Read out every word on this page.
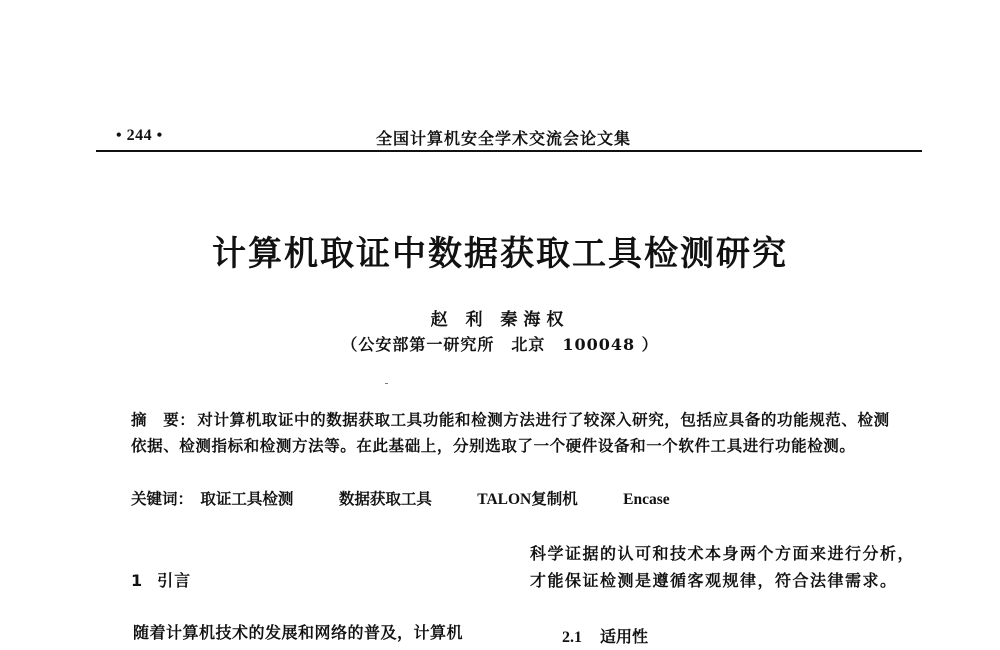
• 244 •	全国计算机安全学术交流会论文集
计算机取证中数据获取工具检测研究
赵 利 秦海权
（公安部第一研究所　北京　100048 ）
摘　要： 对计算机取证中的数据获取工具功能和检测方法进行了较深入研究，包括应具备的功能规范、检测依据、检测指标和检测方法等。在此基础上，分别选取了一个硬件设备和一个软件工具进行功能检测。
关键词： 取证工具检测	数据获取工具	TALON复制机	Encase
1 引言
随着计算机技术的发展和网络的普及，计算机
科学证据的认可和技术本身两个方面来进行分析，才能保证检测是遵循客观规律，符合法律需求。
2.1 适用性
